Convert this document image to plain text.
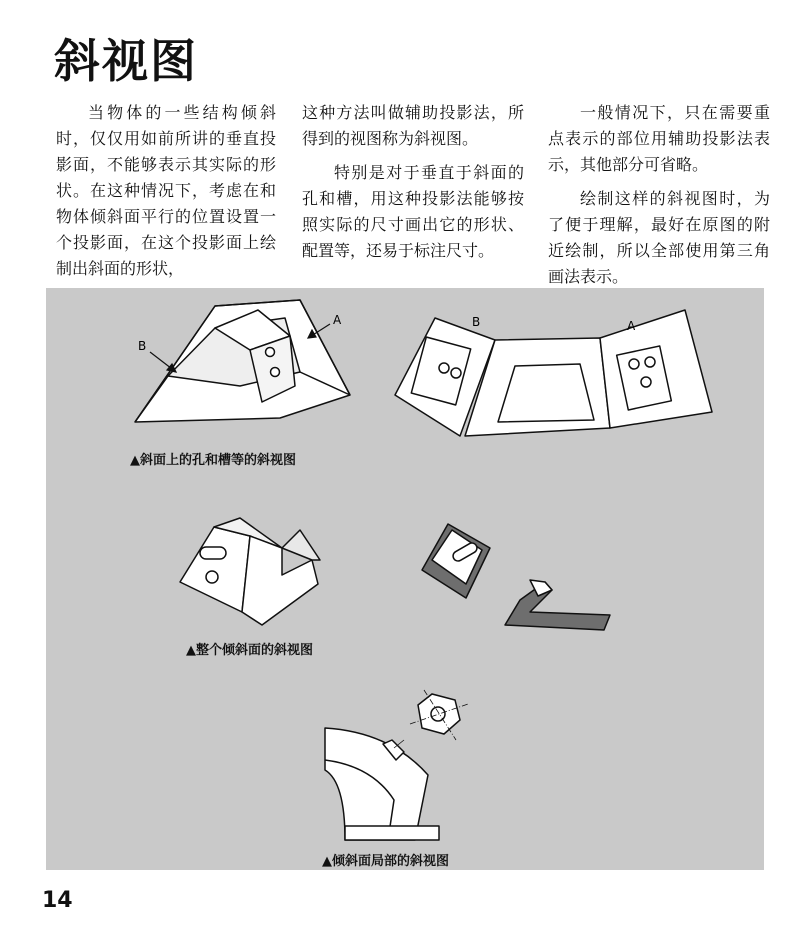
斜视图

当物体的一些结构倾斜时，仅仅用如前所讲的垂直投影面，不能够表示其实际的形状。在这种情况下，考虑在和物体倾斜面平行的位置设置一个投影面，在这个投影面上绘制出斜面的形状，

这种方法叫做辅助投影法，所得到的视图称为斜视图。

特别是对于垂直于斜面的孔和槽，用这种投影法能够按照实际的尺寸画出它的形状、配置等，还易于标注尺寸。

一般情况下，只在需要重点表示的部位用辅助投影法表示，其他部分可省略。

绘制这样的斜视图时，为了便于理解，最好在原图的附近绘制，所以全部使用第三角画法表示。

B
A	B	A
▲斜面上的孔和槽等的斜视图
▲整个倾斜面的斜视图
▲倾斜面局部的斜视图
14
